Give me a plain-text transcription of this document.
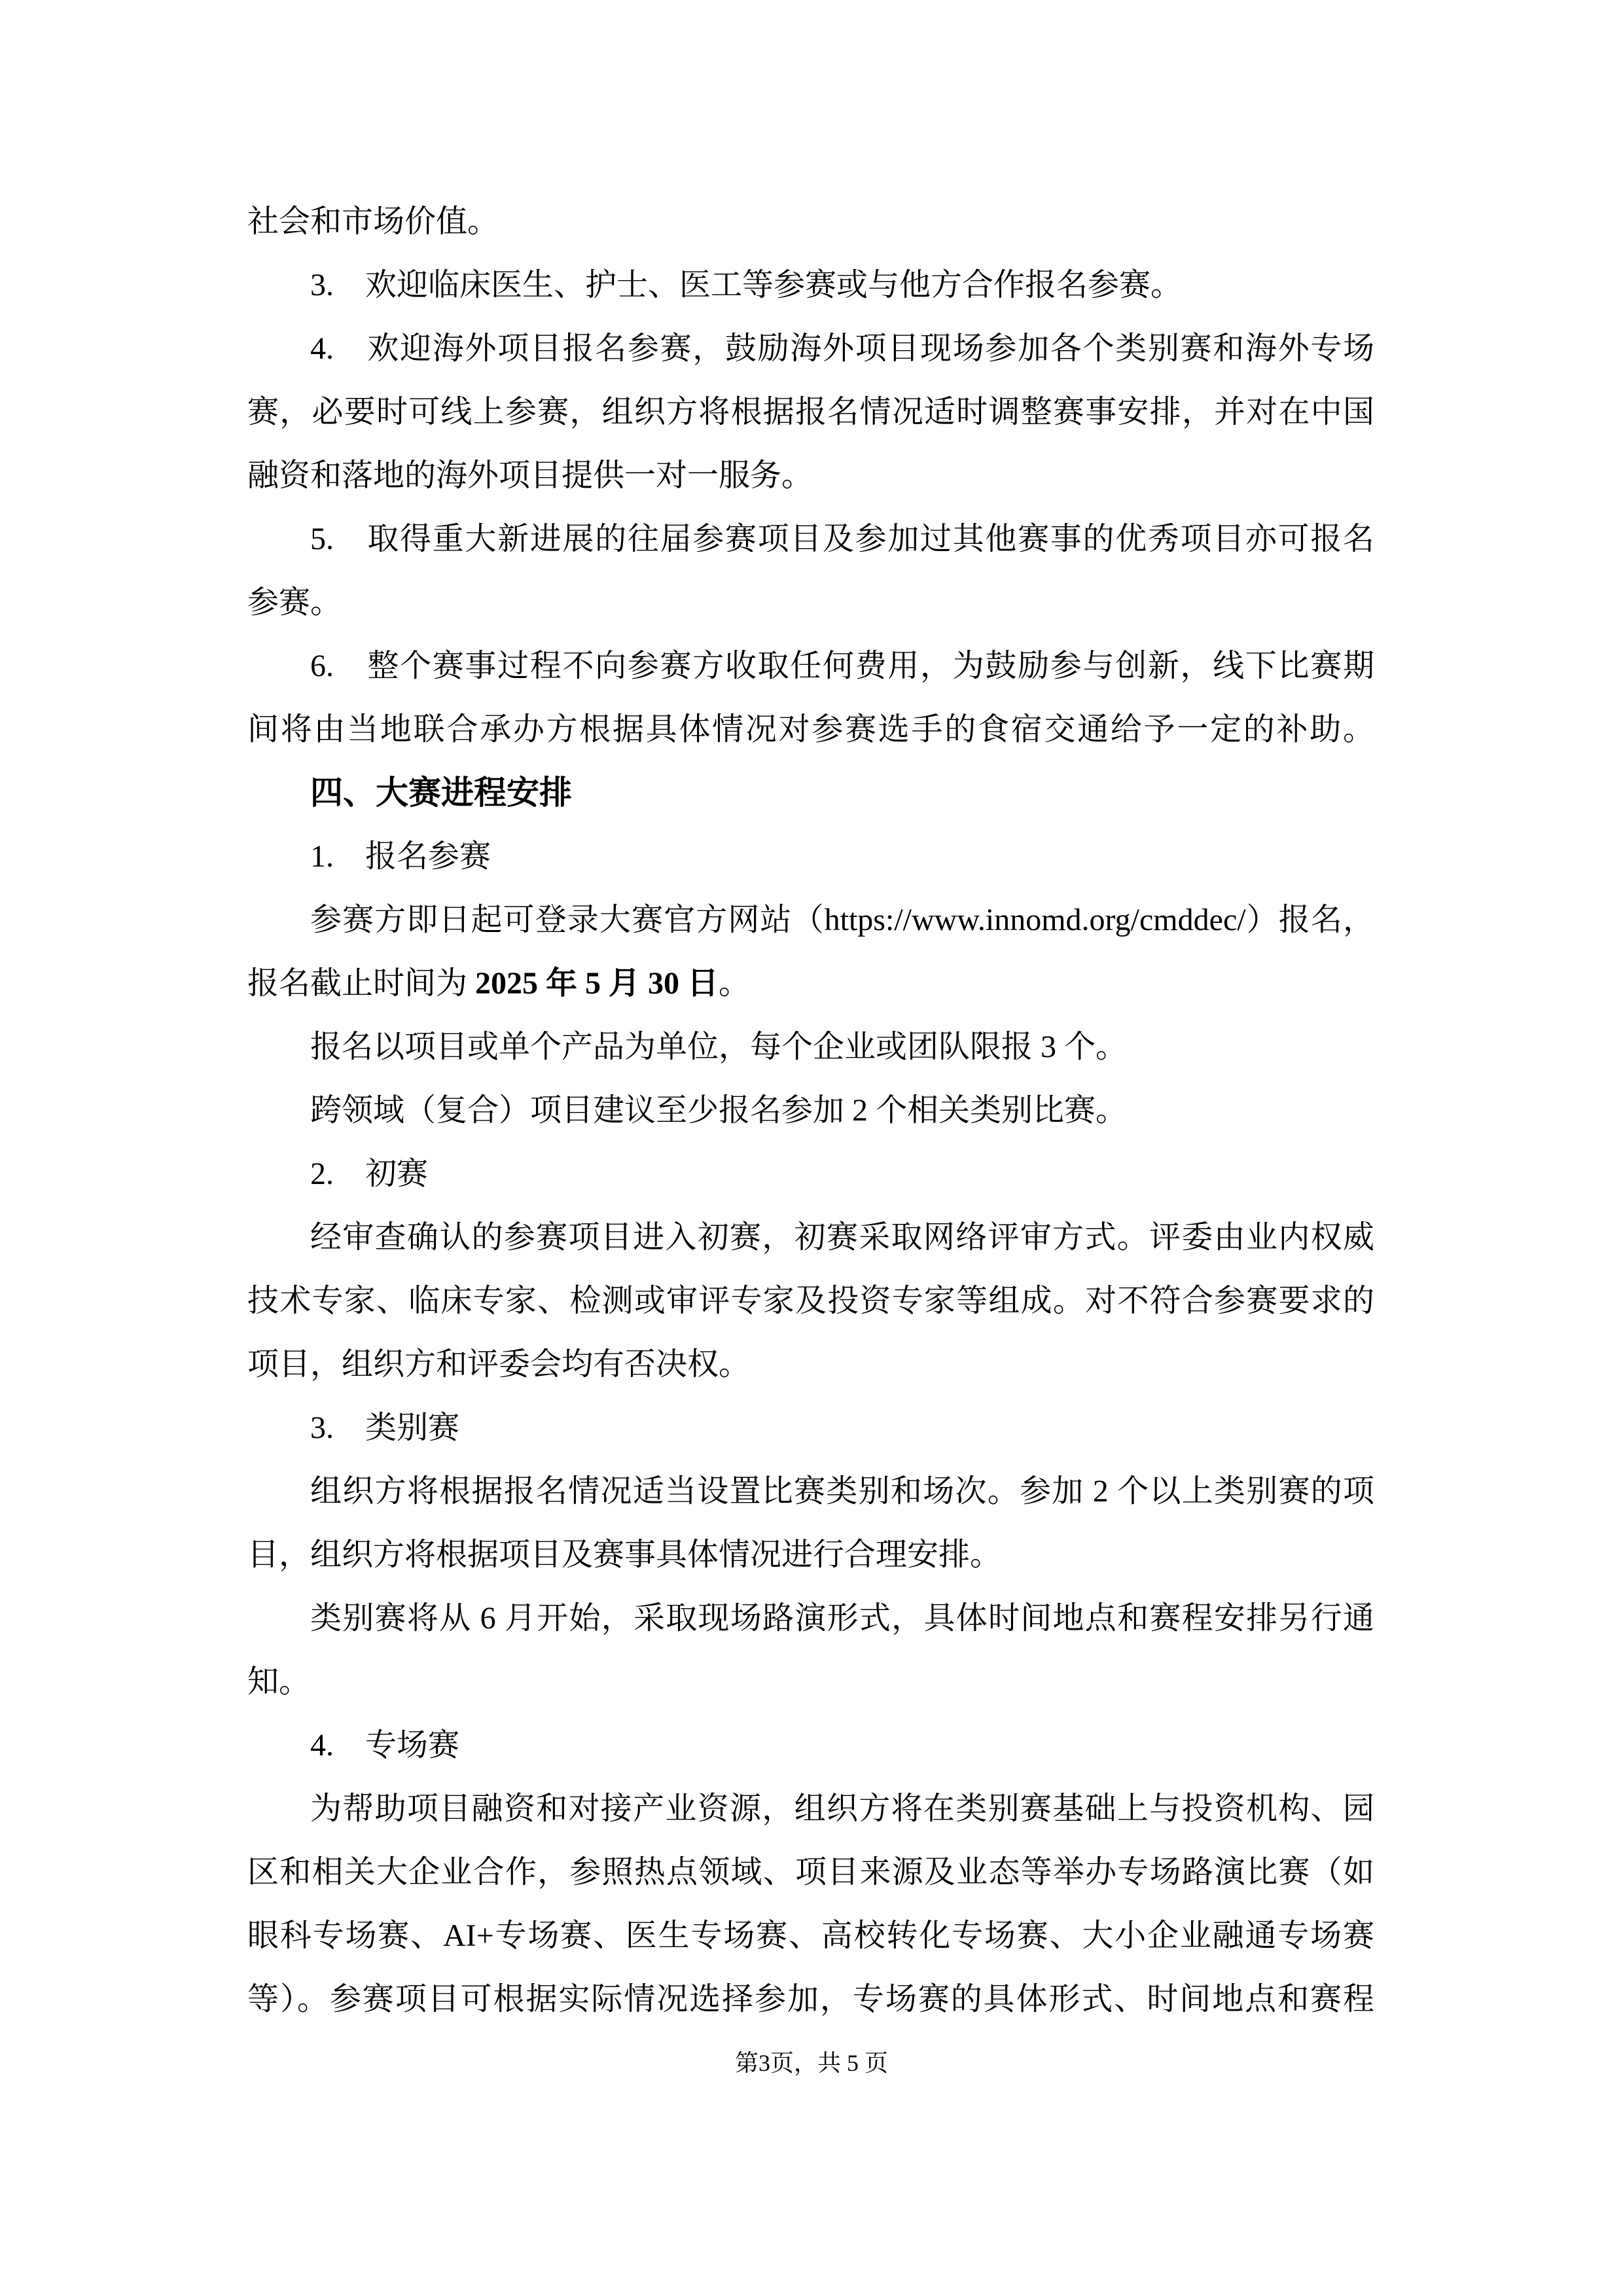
社会和市场价值。
3.　欢迎临床医生、护士、医工等参赛或与他方合作报名参赛。
4.　欢迎海外项目报名参赛，鼓励海外项目现场参加各个类别赛和海外专场
赛，必要时可线上参赛，组织方将根据报名情况适时调整赛事安排，并对在中国
融资和落地的海外项目提供一对一服务。
5.　取得重大新进展的往届参赛项目及参加过其他赛事的优秀项目亦可报名
参赛。
6.　整个赛事过程不向参赛方收取任何费用，为鼓励参与创新，线下比赛期
间将由当地联合承办方根据具体情况对参赛选手的食宿交通给予一定的补助。
四、大赛进程安排
1.　报名参赛
参赛方即日起可登录大赛官方网站（https://www.innomd.org/cmddec/）报名，
报名截止时间为 2025 年 5 月 30 日。
报名以项目或单个产品为单位，每个企业或团队限报 3 个。
跨领域（复合）项目建议至少报名参加 2 个相关类别比赛。
2.　初赛
经审查确认的参赛项目进入初赛，初赛采取网络评审方式。评委由业内权威
技术专家、临床专家、检测或审评专家及投资专家等组成。对不符合参赛要求的
项目，组织方和评委会均有否决权。
3.　类别赛
组织方将根据报名情况适当设置比赛类别和场次。参加 2 个以上类别赛的项
目，组织方将根据项目及赛事具体情况进行合理安排。
类别赛将从 6 月开始，采取现场路演形式，具体时间地点和赛程安排另行通
知。
4.　专场赛
为帮助项目融资和对接产业资源，组织方将在类别赛基础上与投资机构、园
区和相关大企业合作，参照热点领域、项目来源及业态等举办专场路演比赛（如
眼科专场赛、AI+专场赛、医生专场赛、高校转化专场赛、大小企业融通专场赛
等）。参赛项目可根据实际情况选择参加，专场赛的具体形式、时间地点和赛程
第3页，共 5 页
